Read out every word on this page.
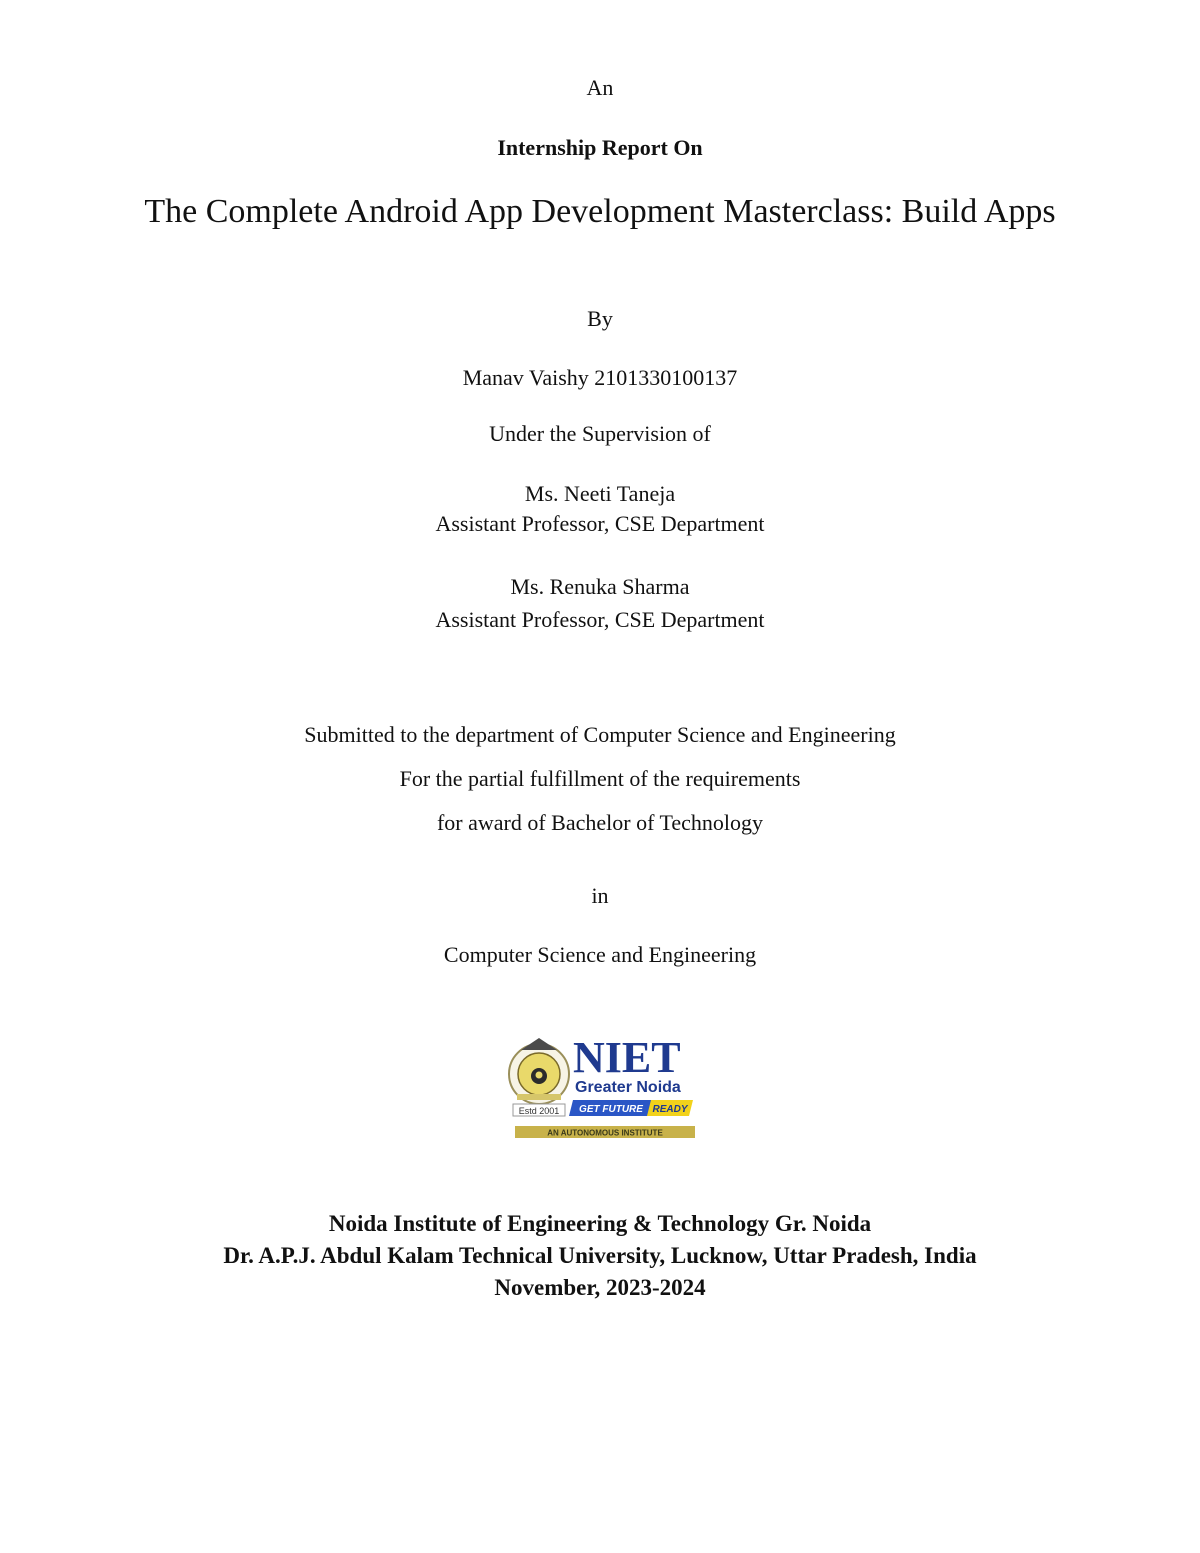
An
Internship Report On
The Complete Android App Development Masterclass: Build Apps
By
Manav Vaishy 2101330100137
Under the Supervision of
Ms. Neeti Taneja
Assistant Professor, CSE Department
Ms. Renuka Sharma
Assistant Professor, CSE Department
Submitted to the department of Computer Science and Engineering
For the partial fulfillment of the requirements
for award of Bachelor of Technology
in
Computer Science and Engineering
Estd 2001
NIET
Greater Noida
GET FUTURE READY
AN AUTONOMOUS INSTITUTE
Noida Institute of Engineering & Technology Gr. Noida
Dr. A.P.J. Abdul Kalam Technical University, Lucknow, Uttar Pradesh, India
November, 2023-2024
